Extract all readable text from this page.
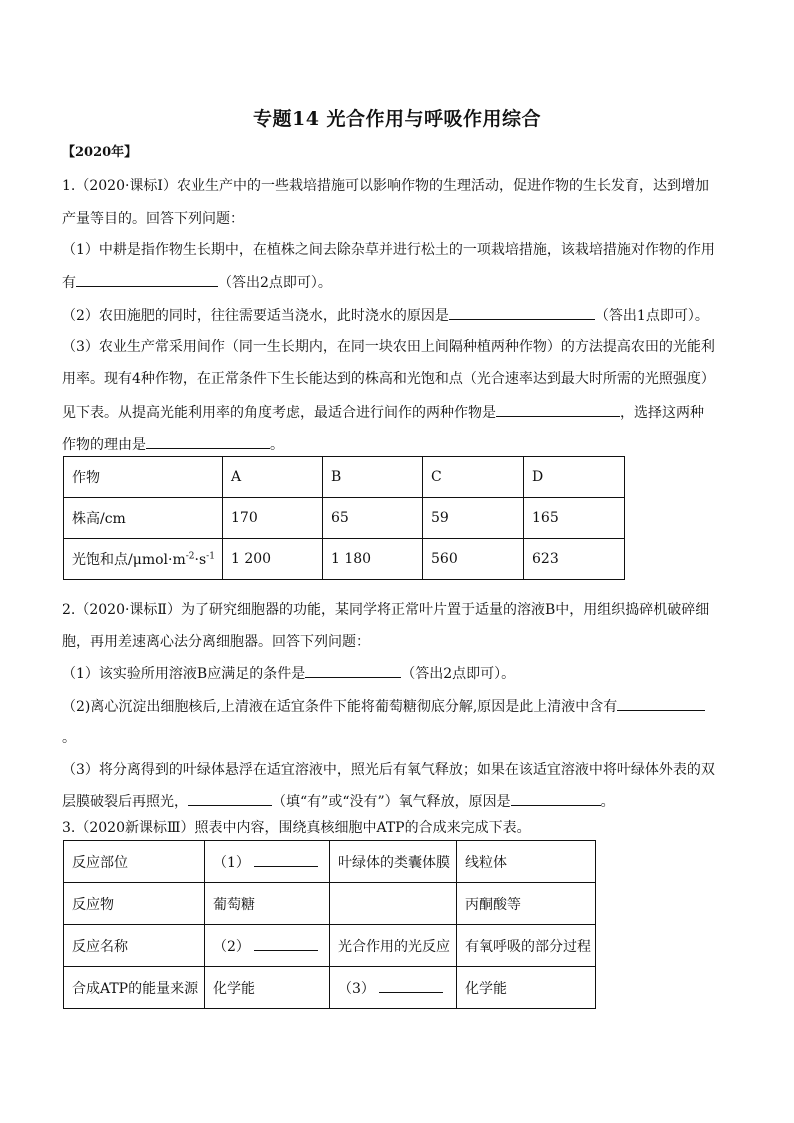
专题14 光合作用与呼吸作用综合
【2020年】
1.（2020·课标Ⅰ）农业生产中的一些栽培措施可以影响作物的生理活动，促进作物的生长发育，达到增加
产量等目的。回答下列问题：
（1）中耕是指作物生长期中，在植株之间去除杂草并进行松土的一项栽培措施，该栽培措施对作物的作用
有	（答出2点即可）。
（2）农田施肥的同时，往往需要适当浇水，此时浇水的原因是	（答出1点即可）。
（3）农业生产常采用间作（同一生长期内，在同一块农田上间隔种植两种作物）的方法提高农田的光能利
用率。现有4种作物，在正常条件下生长能达到的株高和光饱和点（光合速率达到最大时所需的光照强度）
见下表。从提高光能利用率的角度考虑，最适合进行间作的两种作物是	，选择这两种
作物的理由是	。
作物	A	B	C	D
株高/cm	170	65	59	165
光饱和点$/\mu mol\cdot m^{-2}\cdot s^{-1}$	1 200	1 180	560	623
2.（2020·课标Ⅱ）为了研究细胞器的功能，某同学将正常叶片置于适量的溶液B中，用组织捣碎机破碎细
胞，再用差速离心法分离细胞器。回答下列问题：
（1）该实验所用溶液B应满足的条件是	（答出2点即可）。
（2)离心沉淀出细胞核后,上清液在适宜条件下能将葡萄糖彻底分解,原因是此上清液中含有
。
（3）将分离得到的叶绿体悬浮在适宜溶液中，照光后有氧气释放；如果在该适宜溶液中将叶绿体外表的双
层膜破裂后再照光，	（填“有”或“没有”）氧气释放，原因是	。
3.（2020新课标Ⅲ）照表中内容，围绕真核细胞中ATP的合成来完成下表。
反应部位	（1）	叶绿体的类囊体膜	线粒体
反应物	葡萄糖		丙酮酸等
反应名称	（2）	光合作用的光反应	有氧呼吸的部分过程
合成ATP的能量来源	化学能	（3）	化学能
